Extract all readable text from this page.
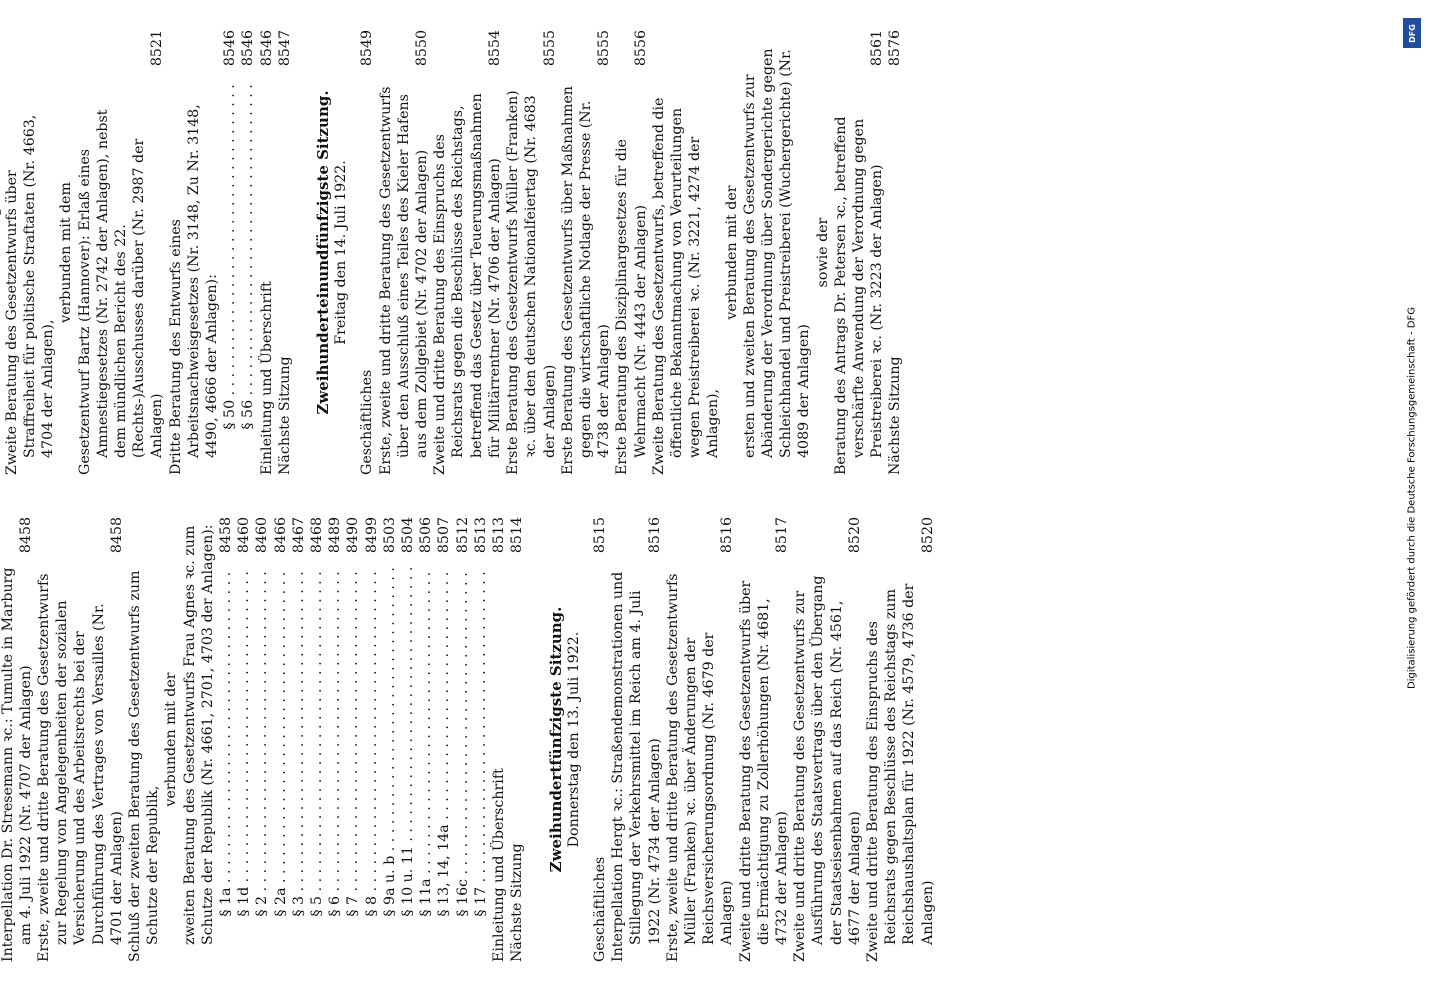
Interpellation Dr. Stresemann ꝛc.: Tumulte in Marburg am 4. Juli 1922 (Nr. 4707 der Anlagen)
8458
Erste, zweite und dritte Beratung des Gesetzentwurfs zur Regelung von Angelegenheiten der sozialen Versicherung und des Arbeitsrechts bei der Durchführung des Vertrages von Versailles (Nr. 4701 der Anlagen)
8458
Schluß der zweiten Beratung des Gesetzentwurfs zum Schutze der Republik,
verbunden mit der zweiten Beratung des Gesetzentwurfs Frau Agnes ꝛc. zum Schutze der Republik (Nr. 4661, 2701, 4703 der Anlagen): § 1a . . .
8458
§ 1d . . .
8460
§ 2 . . .
8460
§ 2a . . .
8466
§ 3 . . .
8467
§ 5 . . .
8468
§ 6 . . .
8489
§ 7 . . .
8490
§ 8 . . .
8499
§ 9a u. b . . .
8503
§ 10 u. 11 . . .
8504
§ 11a . . .
8506
§ 13, 14, 14a . . .
8507
§ 16c . . .
8512
§ 17 . . .
8513
Einleitung und Überschrift
8513
Nächste Sitzung
8514
Zweihundertfünfzigste Sitzung. Donnerstag den 13. Juli 1922.
Geschäftliches
8515
Interpellation Hergt ꝛc.: Straßendemonstrationen und Stillegung der Verkehrsmittel im Reich am 4. Juli 1922 (Nr. 4734 der Anlagen)
8516
Erste, zweite und dritte Beratung des Gesetzentwurfs Müller (Franken) ꝛc. über Änderungen der Reichsversicherungsordnung (Nr. 4679 der Anlagen)
8516
Zweite und dritte Beratung des Gesetzentwurfs über die Ermächtigung zu Zollerhöhungen (Nr. 4681, 4732 der Anlagen)
8517
Zweite und dritte Beratung des Gesetzentwurfs zur Ausführung des Staatsvertrags über den Übergang der Staatseisenbahnen auf das Reich (Nr. 4561, 4677 der Anlagen)
8520
Zweite und dritte Beratung des Einspruchs des Reichsrats gegen Beschlüsse des Reichstags zum Reichshaushaltsplan für 1922 (Nr. 4579, 4736 der Anlagen)
8520
Zweite Beratung des Gesetzentwurfs über Straffreiheit für politische Straftaten (Nr. 4663, 4704 der Anlagen),
verbunden mit dem Gesetzentwurf Bartz (Hannover): Erlaß eines Amnestiegesetzes (Nr. 2742 der Anlagen), nebst dem mündlichen Bericht des 22. (Rechts-)Ausschusses darüber (Nr. 2987 der Anlagen)
8521
Dritte Beratung des Entwurfs eines Arbeitsnachweisgesetzes (Nr. 3148, Zu Nr. 3148, 4490, 4666 der Anlagen): § 50 . . .
8546
§ 56 . . .
8546
Einleitung und Überschrift
8546
Nächste Sitzung
8547
Zweihunderteinundfünfzigste Sitzung. Freitag den 14. Juli 1922.
Geschäftliches
8549
Erste, zweite und dritte Beratung des Gesetzentwurfs über den Ausschluß eines Teiles des Kieler Hafens aus dem Zollgebiet (Nr. 4702 der Anlagen)
8550
Zweite und dritte Beratung des Einspruchs des Reichsrats gegen die Beschlüsse des Reichstags, betreffend das Gesetz über Teuerungsmaßnahmen für Militärrentner (Nr. 4706 der Anlagen)
8554
Erste Beratung des Gesetzentwurfs Müller (Franken) ꝛc. über den deutschen Nationalfeiertag (Nr. 4683 der Anlagen)
8555
Erste Beratung des Gesetzentwurfs über Maßnahmen gegen die wirtschaftliche Notlage der Presse (Nr. 4738 der Anlagen)
8555
Erste Beratung des Disziplinargesetzes für die Wehrmacht (Nr. 4443 der Anlagen)
8556
Zweite Beratung des Gesetzentwurfs, betreffend die öffentliche Bekanntmachung von Verurteilungen wegen Preistreiberei ꝛc. (Nr. 3221, 4274 der Anlagen),
verbunden mit der ersten und zweiten Beratung des Gesetzentwurfs zur Abänderung der Verordnung über Sondergerichte gegen Schleichhandel und Preistreiberei (Wuchergerichte) (Nr. 4089 der Anlagen)
sowie der Beratung des Antrags Dr. Petersen ꝛc., betreffend verschärfte Anwendung der Verordnung gegen Preistreiberei ꝛc. (Nr. 3223 der Anlagen)
8561
Nächste Sitzung
8576	DFG
Digitalisierung gefördert durch die Deutsche Forschungsgemeinschaft - DFG
